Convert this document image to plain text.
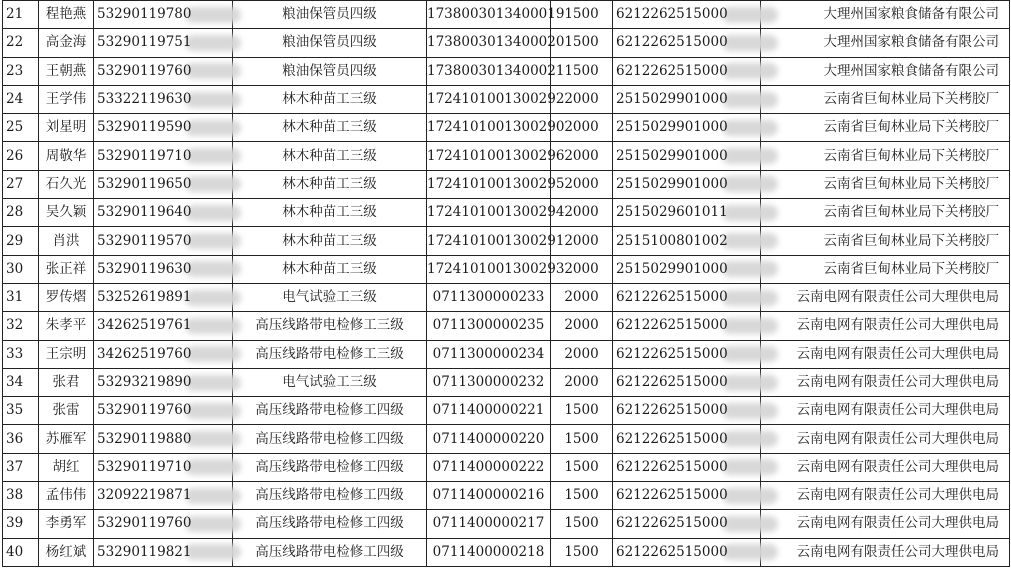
21	程艳燕	53290119780	粮油保管员四级	1738003013400019	1500	6212262515000	大理州国家粮食储备有限公司
22	高金海	53290119751	粮油保管员四级	1738003013400020	1500	6212262515000	大理州国家粮食储备有限公司
23	王朝燕	53290119760	粮油保管员四级	1738003013400021	1500	6212262515000	大理州国家粮食储备有限公司
24	王学伟	53322119630	林木种苗工三级	1724101001300292	2000	2515029901000	云南省巨甸林业局下关栲胶厂
25	刘星明	53290119590	林木种苗工三级	1724101001300290	2000	2515029901000	云南省巨甸林业局下关栲胶厂
26	周敬华	53290119710	林木种苗工三级	1724101001300296	2000	2515029901000	云南省巨甸林业局下关栲胶厂
27	石久光	53290119650	林木种苗工三级	1724101001300295	2000	2515029901000	云南省巨甸林业局下关栲胶厂
28	吴久颖	53290119640	林木种苗工三级	1724101001300294	2000	2515029601011	云南省巨甸林业局下关栲胶厂
29	肖洪	53290119570	林木种苗工三级	1724101001300291	2000	2515100801002	云南省巨甸林业局下关栲胶厂
30	张正祥	53290119630	林木种苗工三级	1724101001300293	2000	2515029901000	云南省巨甸林业局下关栲胶厂
31	罗传熠	53252619891	电气试验工三级	0711300000233	2000	6212262515000	云南电网有限责任公司大理供电局
32	朱孝平	34262519761	高压线路带电检修工三级	0711300000235	2000	6212262515000	云南电网有限责任公司大理供电局
33	王宗明	34262519760	高压线路带电检修工三级	0711300000234	2000	6212262515000	云南电网有限责任公司大理供电局
34	张君	53293219890	电气试验工三级	0711300000232	2000	6212262515000	云南电网有限责任公司大理供电局
35	张雷	53290119760	高压线路带电检修工四级	0711400000221	1500	6212262515000	云南电网有限责任公司大理供电局
36	苏雁军	53290119880	高压线路带电检修工四级	0711400000220	1500	6212262515000	云南电网有限责任公司大理供电局
37	胡红	53290119710	高压线路带电检修工四级	0711400000222	1500	6212262515000	云南电网有限责任公司大理供电局
38	孟伟伟	32092219871	高压线路带电检修工四级	0711400000216	1500	6212262515000	云南电网有限责任公司大理供电局
39	李勇军	53290119760	高压线路带电检修工四级	0711400000217	1500	6212262515000	云南电网有限责任公司大理供电局
40	杨红斌	53290119821	高压线路带电检修工四级	0711400000218	1500	6212262515000	云南电网有限责任公司大理供电局
